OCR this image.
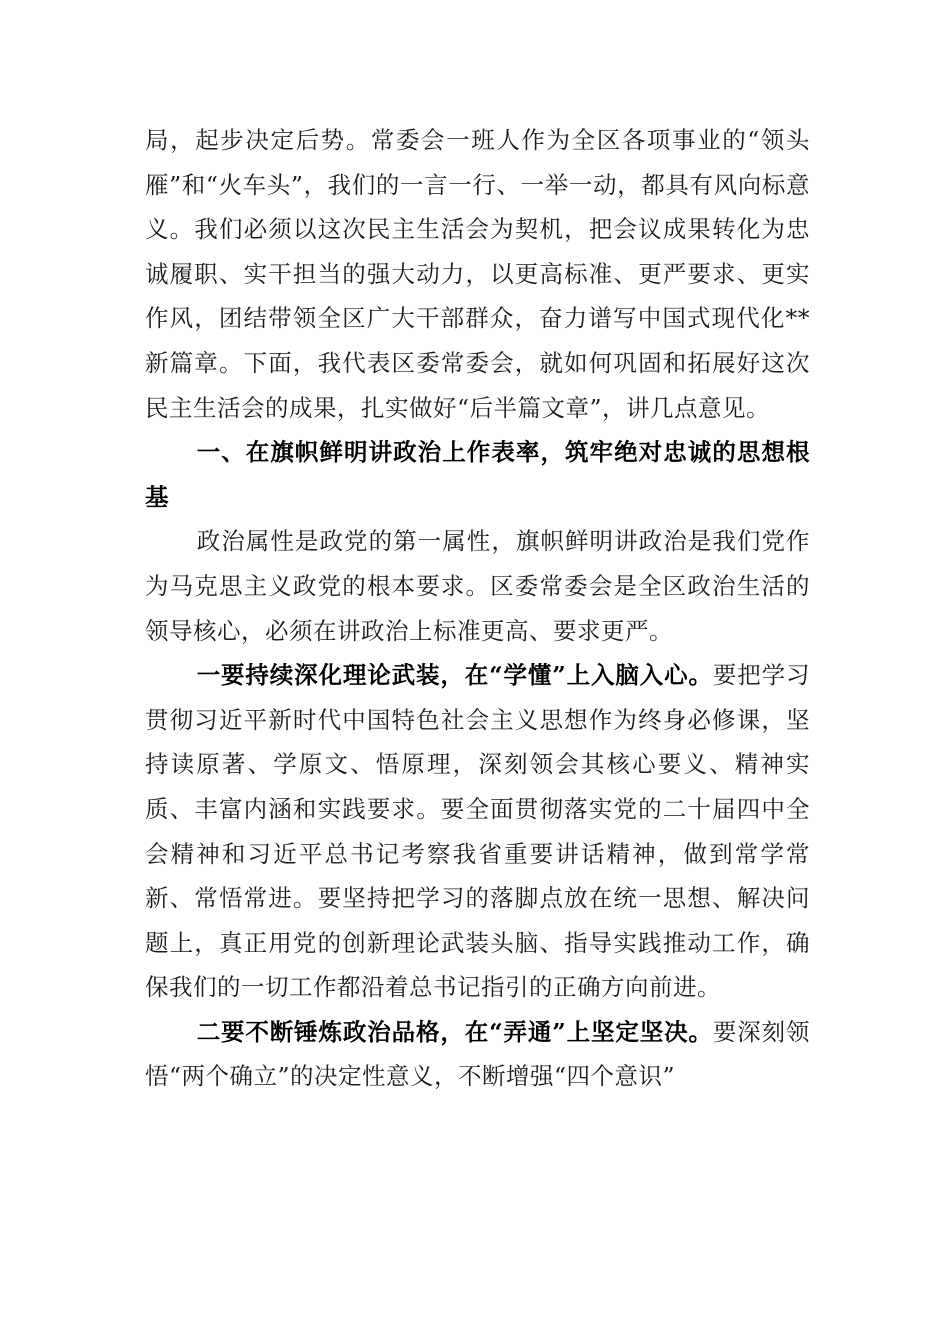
局，起步决定后势。常委会一班人作为全区各项事业的“领头雁”和“火车头”，我们的一言一行、一举一动，都具有风向标意义。我们必须以这次民主生活会为契机，把会议成果转化为忠诚履职、实干担当的强大动力，以更高标准、更严要求、更实作风，团结带领全区广大干部群众，奋力谱写中国式现代化**新篇章。下面，我代表区委常委会，就如何巩固和拓展好这次民主生活会的成果，扎实做好“后半篇文章”，讲几点意见。

一、在旗帜鲜明讲政治上作表率，筑牢绝对忠诚的思想根基

政治属性是政党的第一属性，旗帜鲜明讲政治是我们党作为马克思主义政党的根本要求。区委常委会是全区政治生活的领导核心，必须在讲政治上标准更高、要求更严。

一要持续深化理论武装，在“学懂”上入脑入心。要把学习贯彻习近平新时代中国特色社会主义思想作为终身必修课，坚持读原著、学原文、悟原理，深刻领会其核心要义、精神实质、丰富内涵和实践要求。要全面贯彻落实党的二十届四中全会精神和习近平总书记考察我省重要讲话精神，做到常学常新、常悟常进。要坚持把学习的落脚点放在统一思想、解决问题上，真正用党的创新理论武装头脑、指导实践推动工作，确保我们的一切工作都沿着总书记指引的正确方向前进。

二要不断锤炼政治品格，在“弄通”上坚定坚决。要深刻领悟“两个确立”的决定性意义，不断增强“四个意识”
